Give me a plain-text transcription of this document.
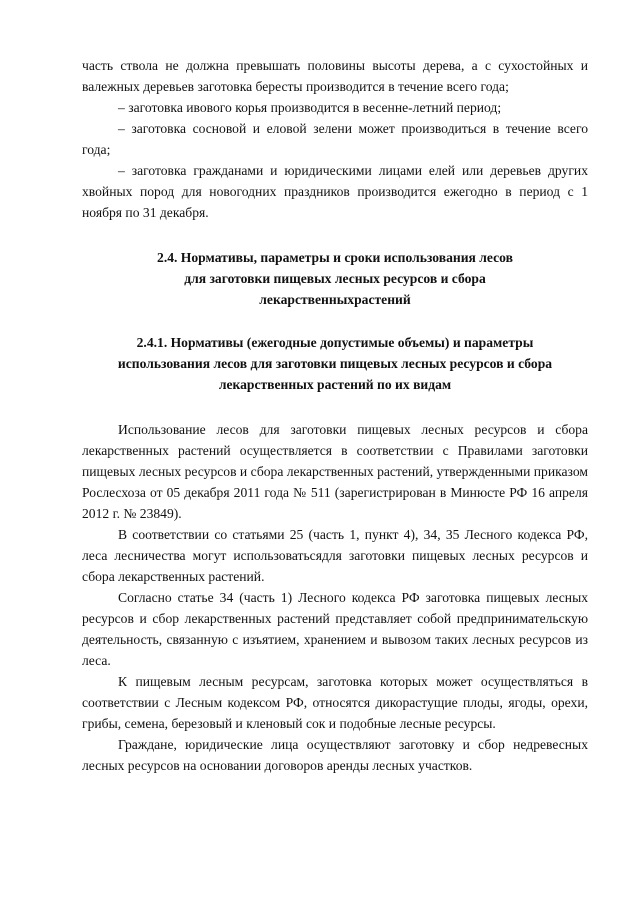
часть ствола не должна превышать половины высоты дерева, а с сухостойных и валежных деревьев заготовка бересты производится в течение всего года;

– заготовка ивового корья производится в весенне-летний период;

– заготовка сосновой и еловой зелени может производиться в течение всего года;

– заготовка гражданами и юридическими лицами елей или деревьев других хвойных пород для новогодних праздников производится ежегодно в период с 1 ноября по 31 декабря.

2.4. Нормативы, параметры и сроки использования лесов
для заготовки пищевых лесных ресурсов и сбора
лекарственныхрастений
2.4.1. Нормативы (ежегодные допустимые объемы) и параметры
использования лесов для заготовки пищевых лесных ресурсов и сбора
лекарственных растений по их видам

Использование лесов для заготовки пищевых лесных ресурсов и сбора лекарственных растений осуществляется в соответствии с Правилами заготовки пищевых лесных ресурсов и сбора лекарственных растений, утвержденными приказом Рослесхоза от 05 декабря 2011 года № 511 (зарегистрирован в Минюсте РФ 16 апреля 2012 г. № 23849).

В соответствии со статьями 25 (часть 1, пункт 4), 34, 35 Лесного кодекса РФ, леса лесничества могут использоватьсядля заготовки пищевых лесных ресурсов и сбора лекарственных растений.

Согласно статье 34 (часть 1) Лесного кодекса РФ заготовка пищевых лесных ресурсов и сбор лекарственных растений представляет собой предпринимательскую деятельность, связанную с изъятием, хранением и вывозом таких лесных ресурсов из леса.

К пищевым лесным ресурсам, заготовка которых может осуществляться в соответствии с Лесным кодексом РФ, относятся дикорастущие плоды, ягоды, орехи, грибы, семена, березовый и кленовый сок и подобные лесные ресурсы.

Граждане, юридические лица осуществляют заготовку и сбор недревесных лесных ресурсов на основании договоров аренды лесных участков.
